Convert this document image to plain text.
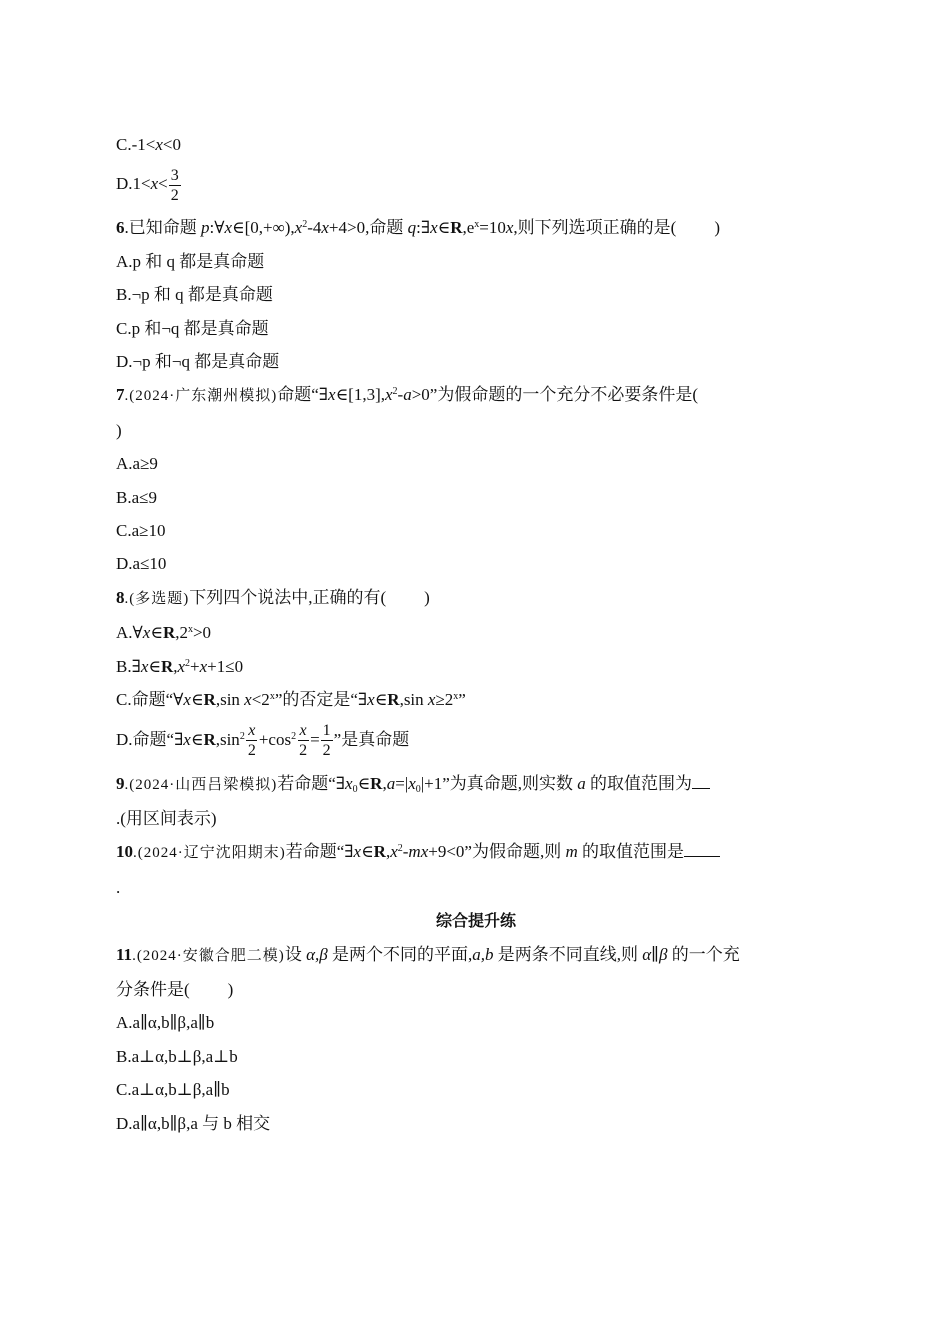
C.-1<x<0
$D.1<x< \frac{3}{2}$
6.已知命题 $p:\forall x\in[0,+\infty),x^2-4x+4>0$,命题 $q:\exists x\in R,e^x=10x$,则下列选项正确的是( )
A.p 和 q 都是真命题
B.¬p 和 q 都是真命题
C.p 和¬q 都是真命题
D.¬p 和¬q 都是真命题
7.(2024·广东潮州模拟)命题“$\exists x\in[1,3],x^2-a>0$”为假命题的一个充分不必要条件是(
)
A.a≥9
B.a≤9
C.a≥10
D.a≤10
8.(多选题)下列四个说法中,正确的有( )
$A.\forall x\in R,2^x>0$
$B.\exists x\in R,x^2+x+1\le 0$
C.命题“∀x∈R,sin $x<2^x$”的否定是“∃x∈R,sin $x\ge 2^x$”
D.命题“$\exists x\in R,\sin^2 \frac{x}{2} +\cos^2 \frac{x}{2} = \frac{1}{2}$ ”是真命题
9.(2024·山西吕梁模拟)若命题“$\exists x_0\in R,a=|x_0|+1$”为真命题,则实数 a 的取值范围为
.(用区间表示)
10.(2024·辽宁沈阳期末)若命题“$\exists x\in R,x^2-mx+9<0$”为假命题,则 m 的取值范围是
.
综合提升练
11.(2024·安徽合肥二模)设 α,β 是两个不同的平面,a,b 是两条不同直线,则 α∥β 的一个充
分条件是( )
A.a∥α,b∥β,a∥b
B.a⊥α,b⊥β,a⊥b
C.a⊥α,b⊥β,a∥b
D.a∥α,b∥β,a 与 b 相交
